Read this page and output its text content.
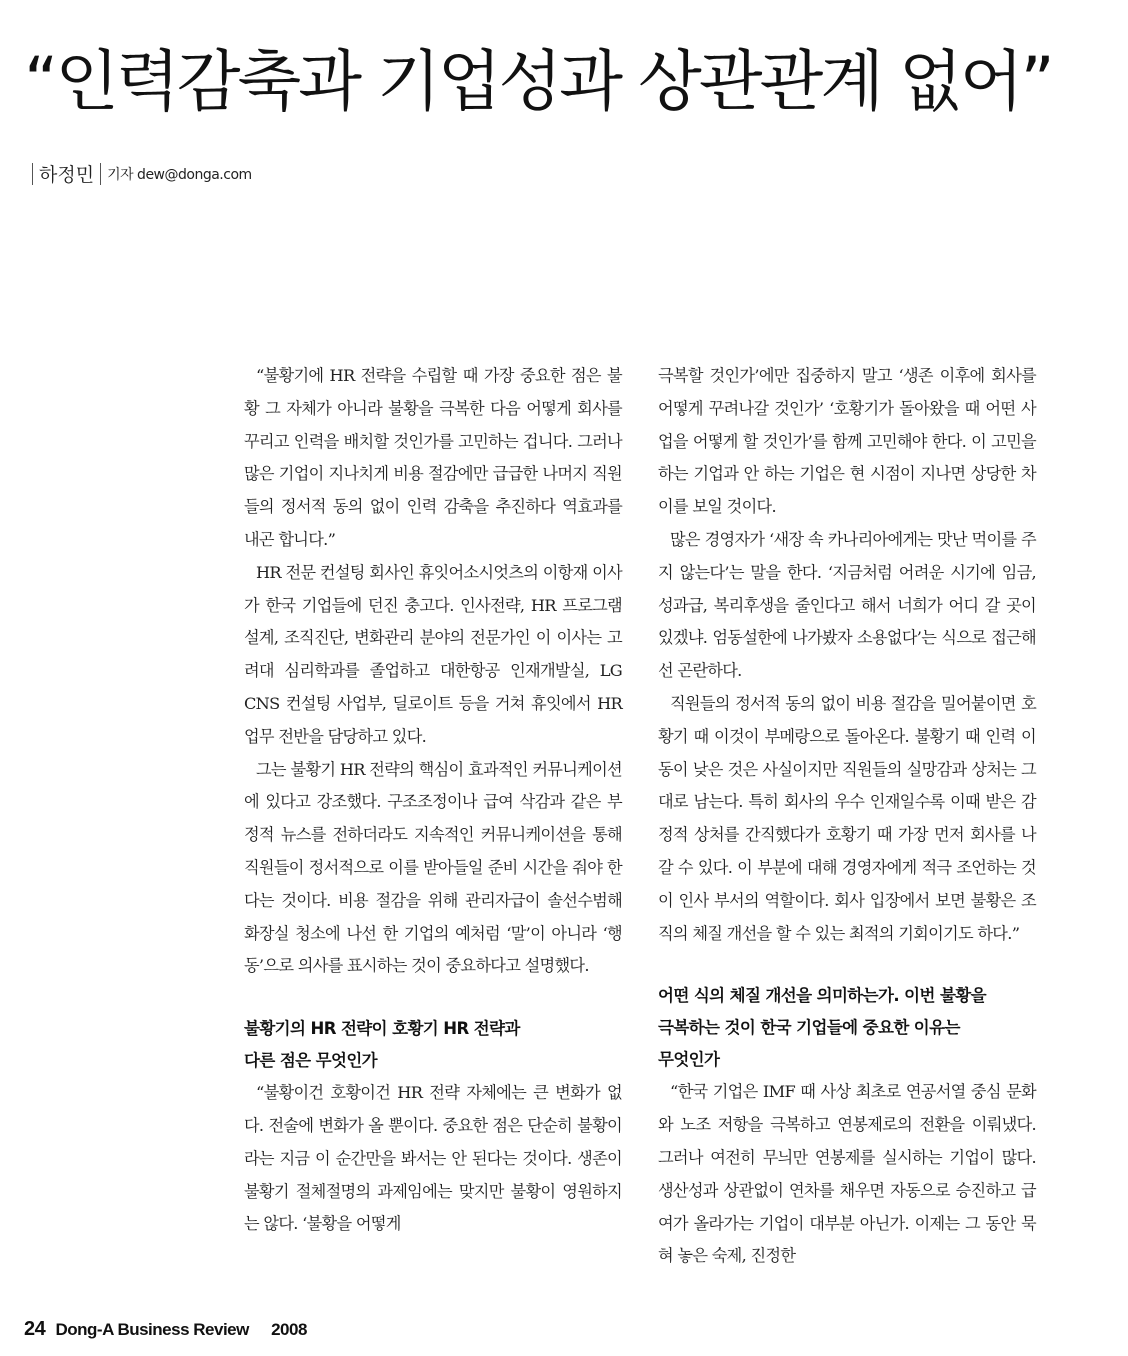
“인력감축과 기업성과 상관관계 없어”
하정민 기자 dew@donga.com

“불황기에 HR 전략을 수립할 때 가장 중요한 점은 불황 그 자체가 아니라 불황을 극복한 다음 어떻게 회사를 꾸리고 인력을 배치할 것인가를 고민하는 겁니다. 그러나 많은 기업이 지나치게 비용 절감에만 급급한 나머지 직원들의 정서적 동의 없이 인력 감축을 추진하다 역효과를 내곤 합니다.”

HR 전문 컨설팅 회사인 휴잇어소시엇츠의 이항재 이사가 한국 기업들에 던진 충고다. 인사전략, HR 프로그램 설계, 조직진단, 변화관리 분야의 전문가인 이 이사는 고려대 심리학과를 졸업하고 대한항공 인재개발실, LG CNS 컨설팅 사업부, 딜로이트 등을 거쳐 휴잇에서 HR 업무 전반을 담당하고 있다.

그는 불황기 HR 전략의 핵심이 효과적인 커뮤니케이션에 있다고 강조했다. 구조조정이나 급여 삭감과 같은 부정적 뉴스를 전하더라도 지속적인 커뮤니케이션을 통해 직원들이 정서적으로 이를 받아들일 준비 시간을 줘야 한다는 것이다. 비용 절감을 위해 관리자급이 솔선수범해 화장실 청소에 나선 한 기업의 예처럼 ‘말’이 아니라 ‘행동’으로 의사를 표시하는 것이 중요하다고 설명했다.

불황기의 HR 전략이 호황기 HR 전략과
다른 점은 무엇인가

“불황이건 호황이건 HR 전략 자체에는 큰 변화가 없다. 전술에 변화가 올 뿐이다. 중요한 점은 단순히 불황이라는 지금 이 순간만을 봐서는 안 된다는 것이다. 생존이 불황기 절체절명의 과제임에는 맞지만 불황이 영원하지는 않다. ‘불황을 어떻게

극복할 것인가’에만 집중하지 말고 ‘생존 이후에 회사를 어떻게 꾸려나갈 것인가’ ‘호황기가 돌아왔을 때 어떤 사업을 어떻게 할 것인가’를 함께 고민해야 한다. 이 고민을 하는 기업과 안 하는 기업은 현 시점이 지나면 상당한 차이를 보일 것이다.

많은 경영자가 ‘새장 속 카나리아에게는 맛난 먹이를 주지 않는다’는 말을 한다. ‘지금처럼 어려운 시기에 임금, 성과급, 복리후생을 줄인다고 해서 너희가 어디 갈 곳이 있겠냐. 엄동설한에 나가봤자 소용없다’는 식으로 접근해선 곤란하다.

직원들의 정서적 동의 없이 비용 절감을 밀어붙이면 호황기 때 이것이 부메랑으로 돌아온다. 불황기 때 인력 이동이 낮은 것은 사실이지만 직원들의 실망감과 상처는 그대로 남는다. 특히 회사의 우수 인재일수록 이때 받은 감정적 상처를 간직했다가 호황기 때 가장 먼저 회사를 나갈 수 있다. 이 부분에 대해 경영자에게 적극 조언하는 것이 인사 부서의 역할이다. 회사 입장에서 보면 불황은 조직의 체질 개선을 할 수 있는 최적의 기회이기도 하다.”

어떤 식의 체질 개선을 의미하는가. 이번 불황을
극복하는 것이 한국 기업들에 중요한 이유는
무엇인가

“한국 기업은 IMF 때 사상 최초로 연공서열 중심 문화와 노조 저항을 극복하고 연봉제로의 전환을 이뤄냈다. 그러나 여전히 무늬만 연봉제를 실시하는 기업이 많다. 생산성과 상관없이 연차를 채우면 자동으로 승진하고 급여가 올라가는 기업이 대부분 아닌가. 이제는 그 동안 묵혀 놓은 숙제, 진정한

24 Dong-A Business Review 2008
